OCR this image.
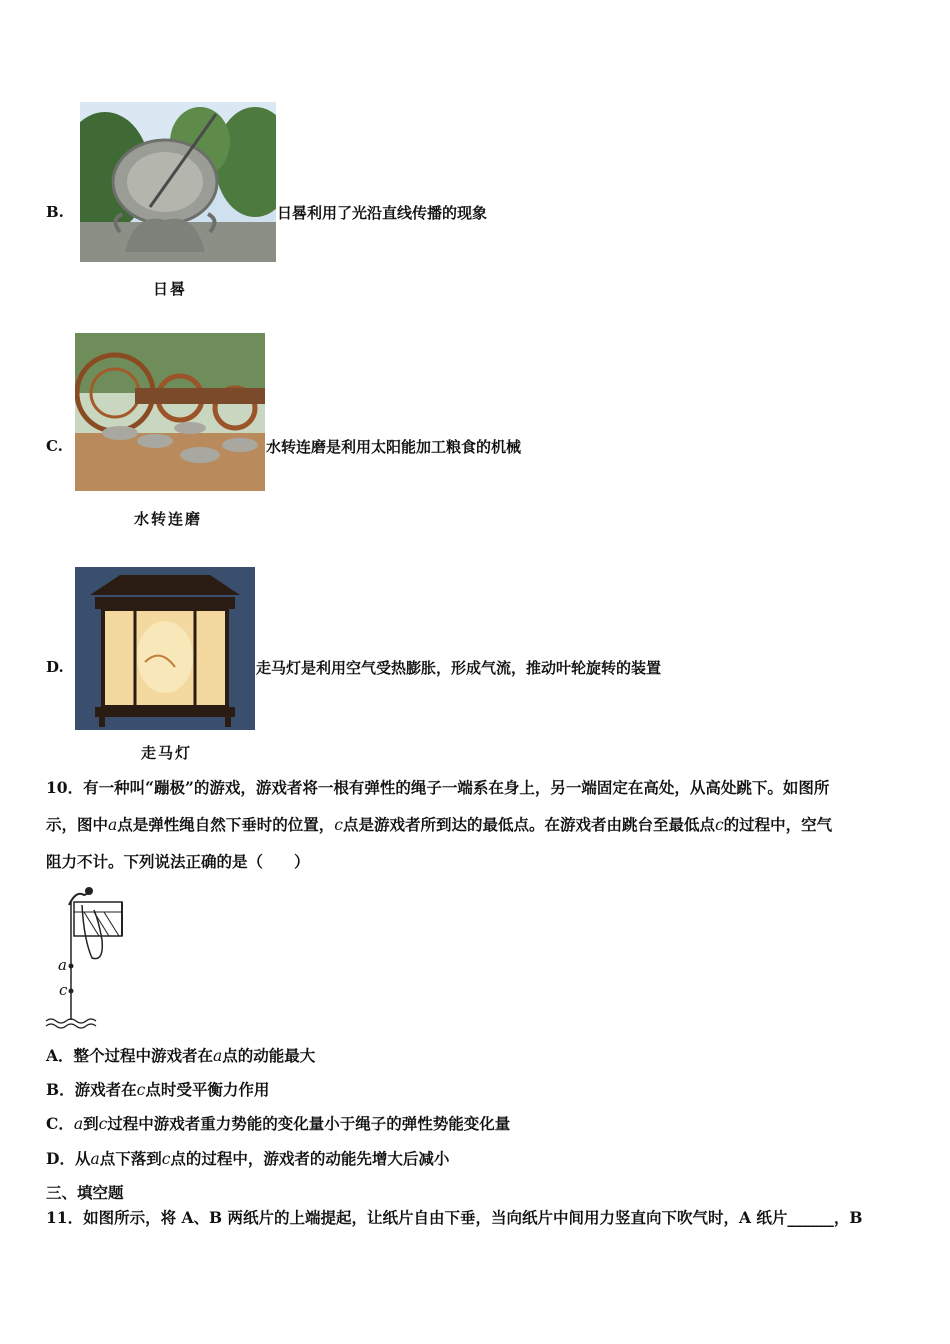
B.	日晷利用了光沿直线传播的现象
日晷
C.	水转连磨是利用太阳能加工粮食的机械
水转连磨
D.	走马灯是利用空气受热膨胀，形成气流，推动叶轮旋转的装置
走马灯
10．有一种叫“蹦极”的游戏，游戏者将一根有弹性的绳子一端系在身上，另一端固定在高处，从高处跳下。如图所
示，图中a点是弹性绳自然下垂时的位置，c点是游戏者所到达的最低点。在游戏者由跳台至最低点c的过程中，空气
阻力不计。下列说法正确的是（　　）
a
c
A．整个过程中游戏者在a点的动能最大
B．游戏者在c点时受平衡力作用
C．a到c过程中游戏者重力势能的变化量小于绳子的弹性势能变化量
D．从a点下落到c点的过程中，游戏者的动能先增大后减小
三、填空题
11．如图所示，将 A、B 两纸片的上端提起，让纸片自由下垂，当向纸片中间用力竖直向下吹气时，A 纸片______，B
